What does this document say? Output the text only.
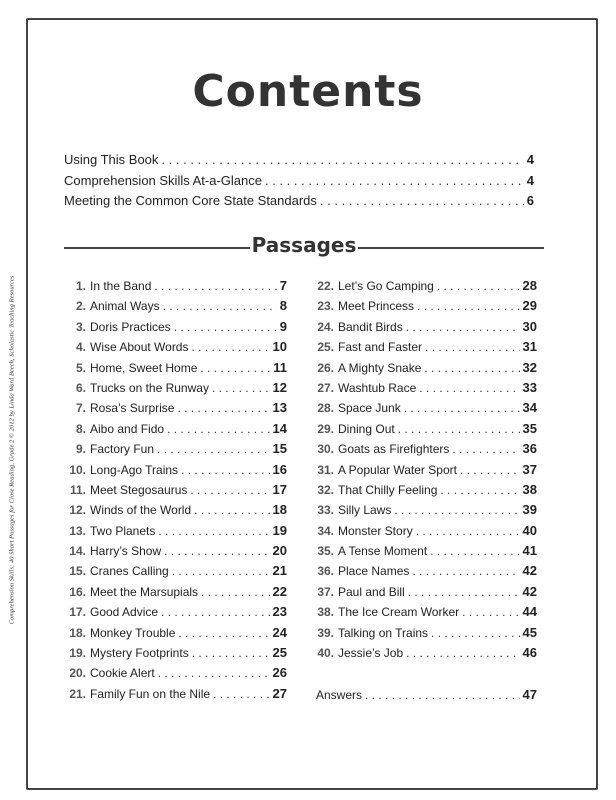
Comprehension Skills: 40 Short Passages for Close Reading, Grade 2 © 2012 by Linda Ward Beech, Scholastic Teaching Resources
Contents
Using This Book . . .	4
Comprehension Skills At-a-Glance . . .	4
Meeting the Common Core State Standards . . .	6
Passages
1. In the Band . . .	7
2. Animal Ways . . .	8
3. Doris Practices . . .	9
4. Wise About Words . . .	10
5. Home, Sweet Home . . .	11
6. Trucks on the Runway . . .	12
7. Rosa’s Surprise . . .	13
8. Aibo and Fido . . .	14
9. Factory Fun . . .	15
10. Long-Ago Trains . . .	16
11. Meet Stegosaurus . . .	17
12. Winds of the World . . .	18
13. Two Planets . . .	19
14. Harry’s Show . . .	20
15. Cranes Calling . . .	21
16. Meet the Marsupials . . .	22
17. Good Advice . . .	23
18. Monkey Trouble . . .	24
19. Mystery Footprints . . .	25
20. Cookie Alert . . .	26
21. Family Fun on the Nile . . .	27
22. Let’s Go Camping . . .	28
23. Meet Princess . . .	29
24. Bandit Birds . . .	30
25. Fast and Faster . . .	31
26. A Mighty Snake . . .	32
27. Washtub Race . . .	33
28. Space Junk . . .	34
29. Dining Out . . .	35
30. Goats as Firefighters . . .	36
31. A Popular Water Sport . . .	37
32. That Chilly Feeling . . .	38
33. Silly Laws . . .	39
34. Monster Story . . .	40
35. A Tense Moment . . .	41
36. Place Names . . .	42
37. Paul and Bill . . .	42
38. The Ice Cream Worker . . .	44
39. Talking on Trains . . .	45
40. Jessie’s Job . . .	46
Answers . . .	47
